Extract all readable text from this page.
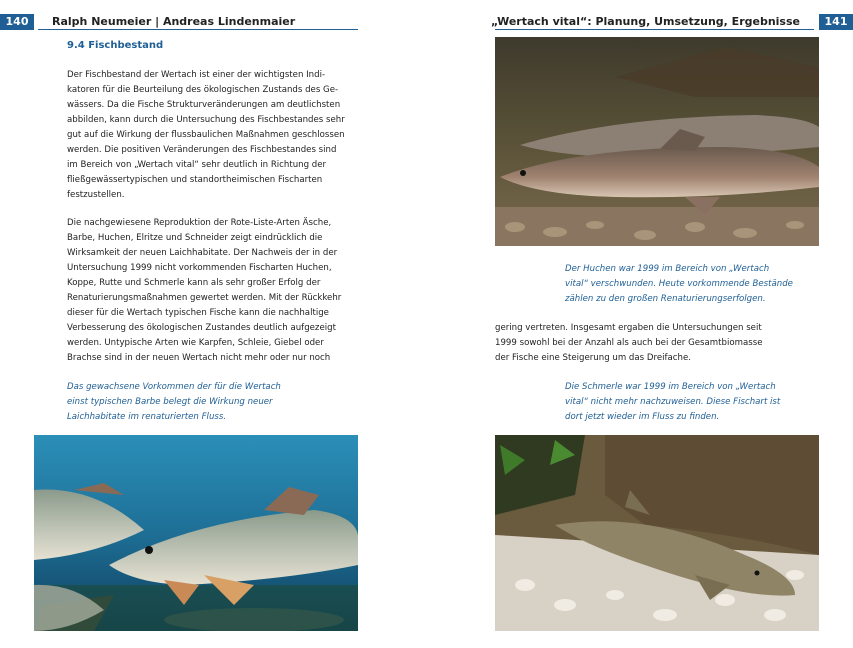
140	Ralph Neumeier | Andreas Lindenmaier	„Wertach vital“: Planung, Umsetzung, Ergebnisse	141
9.4 Fischbestand

Der Fischbestand der Wertach ist einer der wichtigsten Indi-

katoren für die Beurteilung des ökologischen Zustands des Ge-

wässers. Da die Fische Strukturveränderungen am deutlichsten

abbilden, kann durch die Untersuchung des Fischbestandes sehr

gut auf die Wirkung der flussbaulichen Maßnahmen geschlossen

werden. Die positiven Veränderungen des Fischbestandes sind

im Bereich von „Wertach vital“ sehr deutlich in Richtung der

fließgewässertypischen und standortheimischen Fischarten

festzustellen.

Die nachgewiesene Reproduktion der Rote-Liste-Arten Äsche,

Barbe, Huchen, Elritze und Schneider zeigt eindrücklich die

Wirksamkeit der neuen Laichhabitate. Der Nachweis der in der

Untersuchung 1999 nicht vorkommenden Fischarten Huchen,

Koppe, Rutte und Schmerle kann als sehr großer Erfolg der

Renaturierungsmaßnahmen gewertet werden. Mit der Rückkehr

dieser für die Wertach typischen Fische kann die nachhaltige

Verbesserung des ökologischen Zustandes deutlich aufgezeigt

werden. Untypische Arten wie Karpfen, Schleie, Giebel oder

Brachse sind in der neuen Wertach nicht mehr oder nur noch

Das gewachsene Vorkommen der für die Wertach

einst typischen Barbe belegt die Wirkung neuer

Laichhabitate im renaturierten Fluss.

Der Huchen war 1999 im Bereich von „Wertach

vital“ verschwunden. Heute vorkommende Bestände

zählen zu den großen Renaturierungserfolgen.

gering vertreten. Insgesamt ergaben die Untersuchungen seit

1999 sowohl bei der Anzahl als auch bei der Gesamtbiomasse

der Fische eine Steigerung um das Dreifache.

Die Schmerle war 1999 im Bereich von „Wertach

vital“ nicht mehr nachzuweisen. Diese Fischart ist

dort jetzt wieder im Fluss zu finden.
